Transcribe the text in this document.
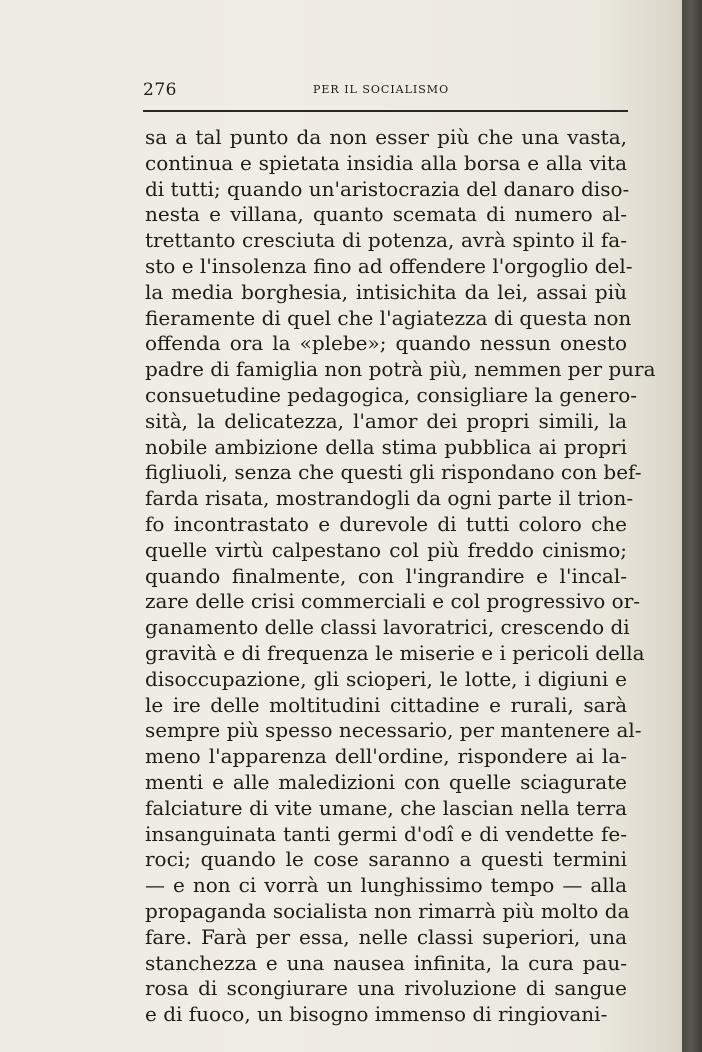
276	PER IL SOCIALISMO
sa a tal punto da non esser più che una vasta,
continua e spietata insidia alla borsa e alla vita
di tutti; quando un'aristocrazia del danaro diso-
nesta e villana, quanto scemata di numero al-
trettanto cresciuta di potenza, avrà spinto il fa-
sto e l'insolenza fino ad offendere l'orgoglio del-
la media borghesia, intisichita da lei, assai più
fieramente di quel che l'agiatezza di questa non
offenda ora la «plebe»; quando nessun onesto
padre di famiglia non potrà più, nemmen per pura
consuetudine pedagogica, consigliare la genero-
sità, la delicatezza, l'amor dei propri simili, la
nobile ambizione della stima pubblica ai propri
figliuoli, senza che questi gli rispondano con bef-
farda risata, mostrandogli da ogni parte il trion-
fo incontrastato e durevole di tutti coloro che
quelle virtù calpestano col più freddo cinismo;
quando finalmente, con l'ingrandire e l'incal-
zare delle crisi commerciali e col progressivo or-
ganamento delle classi lavoratrici, crescendo di
gravità e di frequenza le miserie e i pericoli della
disoccupazione, gli scioperi, le lotte, i digiuni e
le ire delle moltitudini cittadine e rurali, sarà
sempre più spesso necessario, per mantenere al-
meno l'apparenza dell'ordine, rispondere ai la-
menti e alle maledizioni con quelle sciagurate
falciature di vite umane, che lascian nella terra
insanguinata tanti germi d'odî e di vendette fe-
roci; quando le cose saranno a questi termini
— e non ci vorrà un lunghissimo tempo — alla
propaganda socialista non rimarrà più molto da
fare. Farà per essa, nelle classi superiori, una
stanchezza e una nausea infinita, la cura pau-
rosa di scongiurare una rivoluzione di sangue
e di fuoco, un bisogno immenso di ringiovani-
